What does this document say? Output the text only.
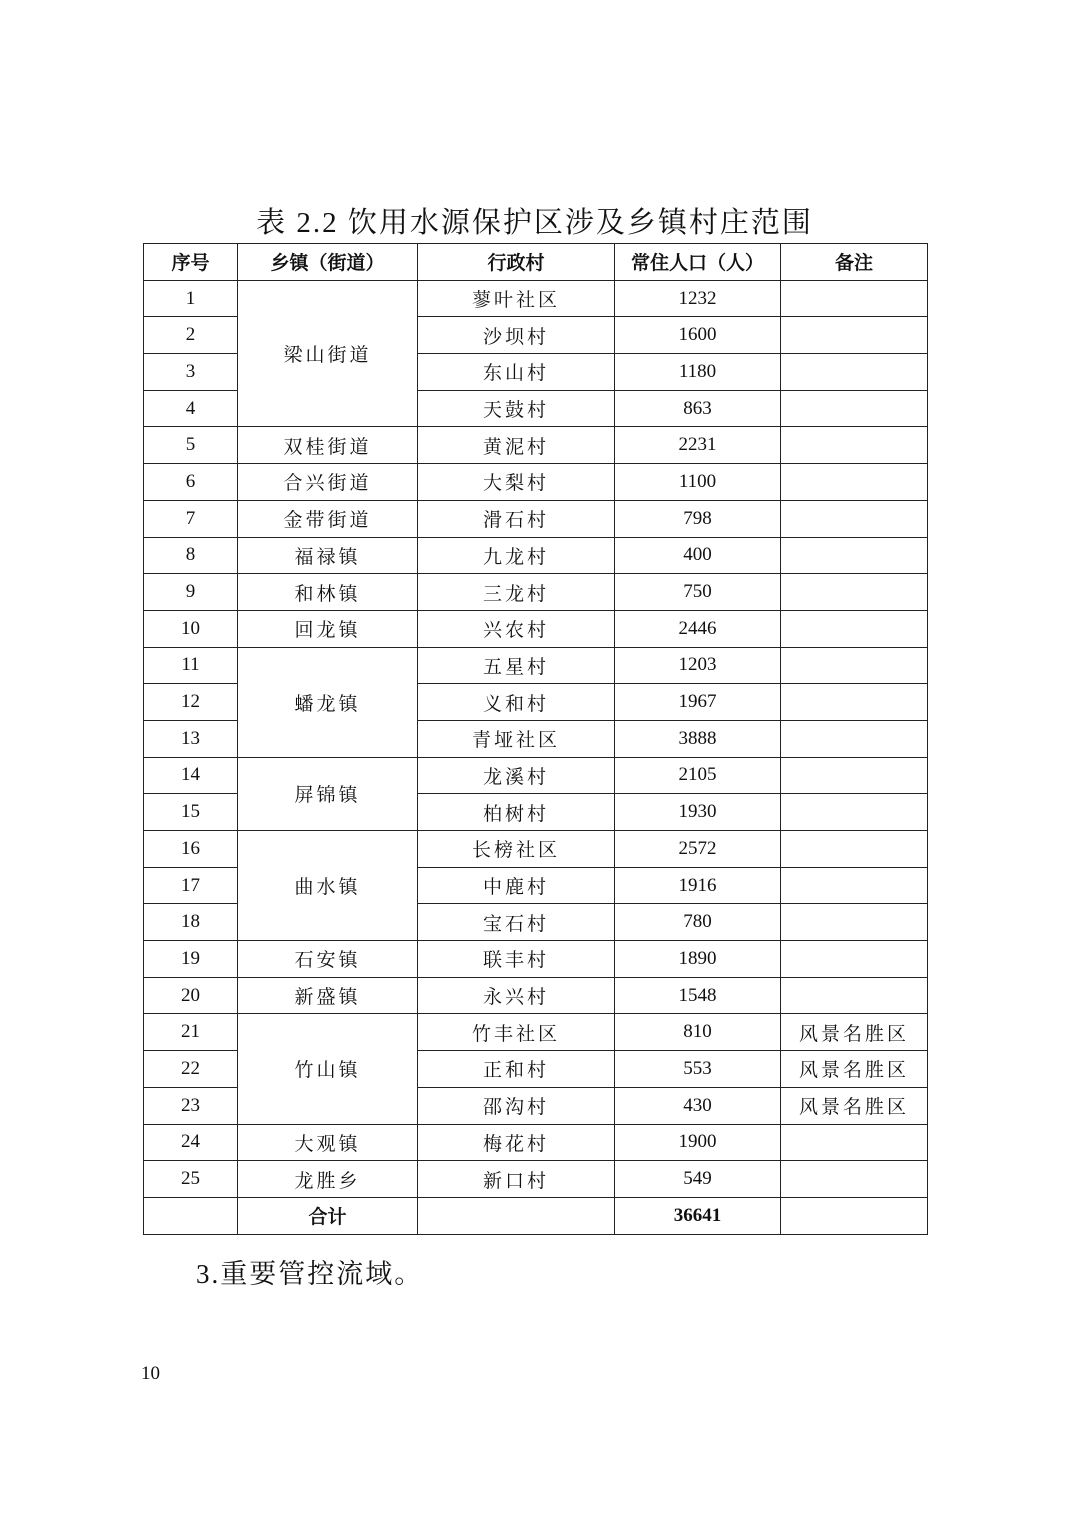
表 2.2 饮用水源保护区涉及乡镇村庄范围
序号	乡镇（街道）	行政村	常住人口（人）	备注
1	梁山街道	蓼叶社区	1232	
2		沙坝村	1600	
3		东山村	1180	
4		天鼓村	863	
5	双桂街道	黄泥村	2231	
6	合兴街道	大梨村	1100	
7	金带街道	滑石村	798	
8	福禄镇	九龙村	400	
9	和林镇	三龙村	750	
10	回龙镇	兴农村	2446	
11	蟠龙镇	五星村	1203	
12		义和村	1967	
13		青垭社区	3888	
14	屏锦镇	龙溪村	2105	
15		柏树村	1930	
16	曲水镇	长榜社区	2572	
17		中鹿村	1916	
18		宝石村	780	
19	石安镇	联丰村	1890	
20	新盛镇	永兴村	1548	
21	竹山镇	竹丰社区	810	风景名胜区
22		正和村	553	风景名胜区
23		邵沟村	430	风景名胜区
24	大观镇	梅花村	1900	
25	龙胜乡	新口村	549	
	合计		36641	
3.重要管控流域。
10
